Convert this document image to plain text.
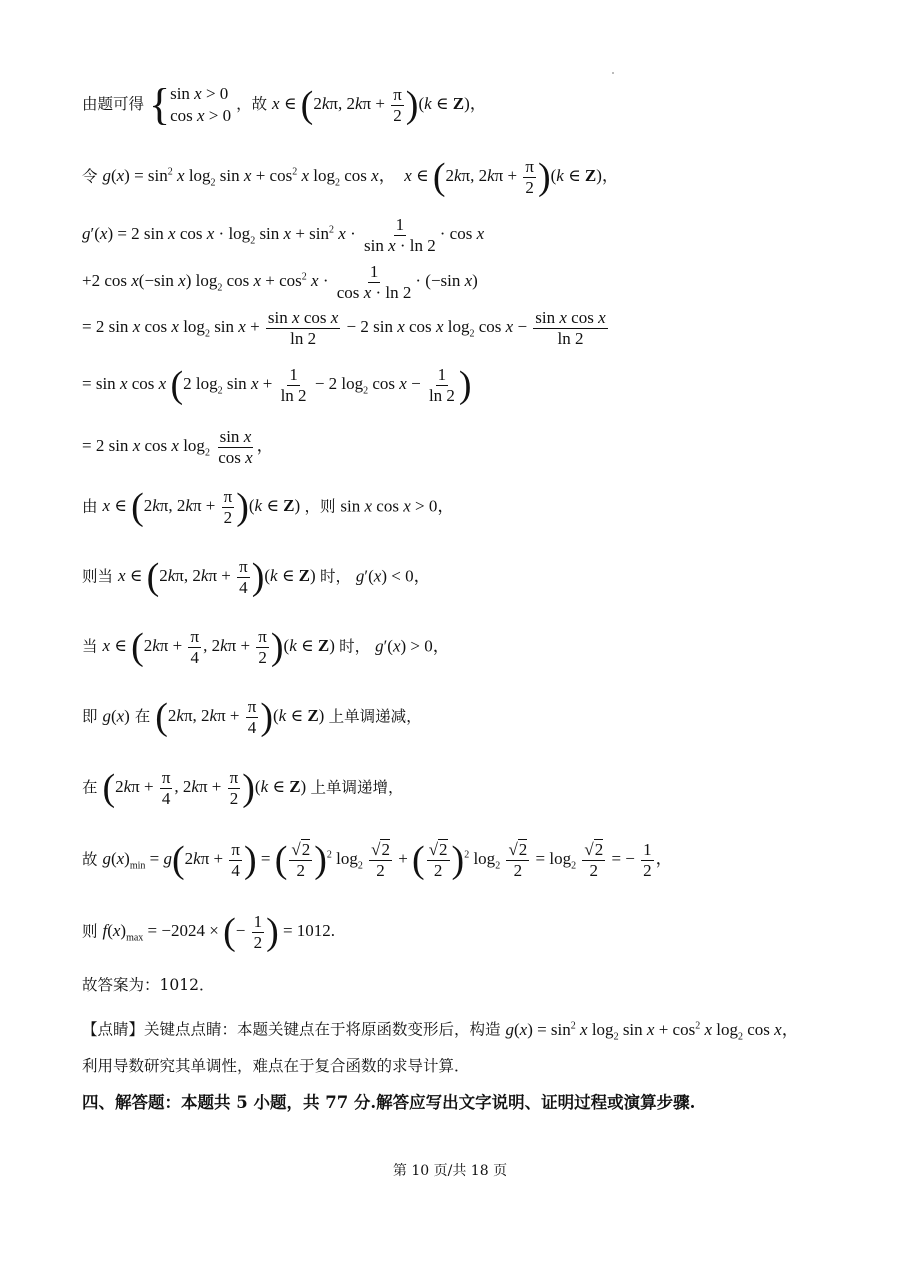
由题可得 { sin x > 0
cos x > 0
，故 x ∈ (2kπ, $2k\pi + \frac{\pi}{2} )(k$ ∈ Z)，
令 $g(x) = \sin^2 x$ $\log_2 \sin x + \cos^2 x$ $\log_2 \cos x$，  x ∈ (2kπ, $2k\pi + \frac{\pi}{2} )(k$ ∈ Z)，
g′(x) = 2 sin x $\cos x \cdot \log_2 \sin x + \sin^2 x \cdot \frac{1}{\text{sin x · ln 2}} \cdot \cos x$
+2 cos x(−sin x) $\log_2 \cos x + \cos^2 x \cdot \frac{1}{\text{cos x · ln 2}} \cdot (-\sin$ x)
= 2 sin x cos x $\log_2 \sin x + \frac{\text{sin x cos x}}{\ln 2} - 2$ sin x cos x $\log_2 \cos x - \frac{\text{sin x cos x}}{\ln 2}$
= sin x cos x (2 $\log_2 \sin x + \frac{1}{\ln 2} - 2$ $\log_2 \cos x - \frac{1}{\ln 2}$ )
= 2 sin x cos x $\log_2 \frac{\text{sin x}}{\text{cos x}}$ ，
由 x ∈ (2kπ, $2k\pi + \frac{\pi}{2} )(k$ ∈ Z) ，则 sin x cos x > 0，
则当 x ∈ (2kπ, $2k\pi + \frac{\pi}{4} )(k$ ∈ Z) 时， g′(x) < 0，
当 x ∈ ($2k\pi + \frac{\pi}{4}$ , $2k\pi + \frac{\pi}{2} )(k$ ∈ Z) 时， g′(x) > 0，
即 g(x) 在 (2kπ, $2k\pi + \frac{\pi}{4} )(k$ ∈ Z) 上单调递减，
在 ($2k\pi + \frac{\pi}{4}$ , $2k\pi + \frac{\pi}{2} )(k$ ∈ Z) 上单调递增，
故 $g(x)_{min} = g(2k\pi + \frac{\pi}{4}$ ) = ( $\frac{√2}{2} )^2$ $\log_2 \frac{√2}{2}$ + ( $\frac{√2}{2} )^2$ $\log_2 \frac{√2}{2} = \log_2 \frac{√2}{2}$ = − $\frac{1}{2}$ ，
则 $f(x)_{max} = -2024$ × (− $\frac{1}{2}$ ) = 1012.
故答案为：1012．
【点睛】关键点点睛：本题关键点在于将原函数变形后，构造 $g(x) = \sin^2 x$ $\log_2 \sin x + \cos^2 x$ $\log_2 \cos x$，
利用导数研究其单调性，难点在于复合函数的求导计算．
四、解答题：本题共 5 小题，共 77 分.解答应写出文字说明、证明过程或演算步骤.
第 10 页/共 18 页
